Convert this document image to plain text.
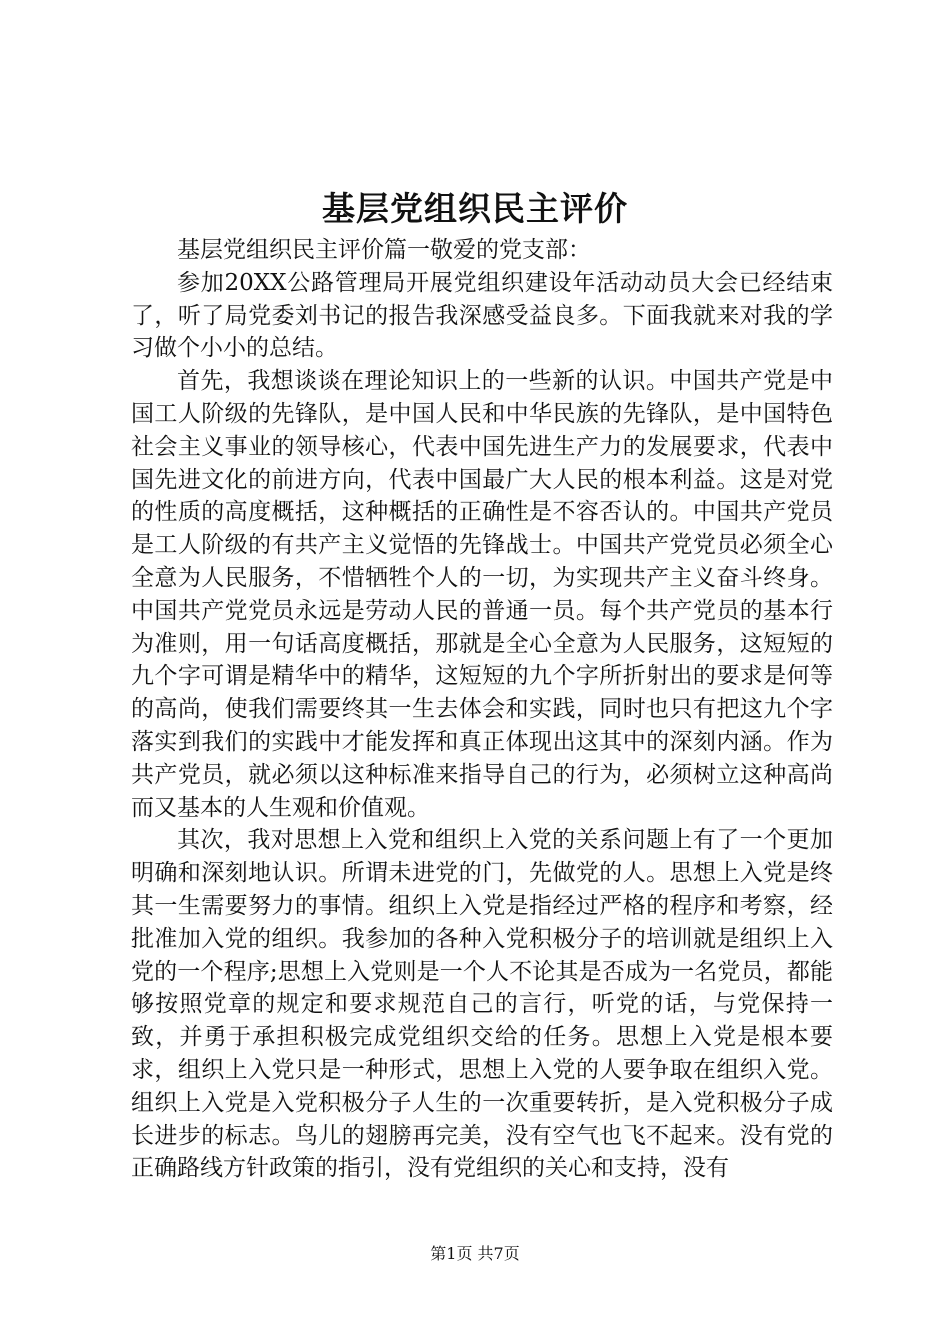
基层党组织民主评价

基层党组织民主评价篇一敬爱的党支部：

参加20XX公路管理局开展党组织建设年活动动员大会已经结束了，听了局党委刘书记的报告我深感受益良多。下面我就来对我的学习做个小小的总结。

首先，我想谈谈在理论知识上的一些新的认识。中国共产党是中国工人阶级的先锋队，是中国人民和中华民族的先锋队，是中国特色社会主义事业的领导核心，代表中国先进生产力的发展要求，代表中国先进文化的前进方向，代表中国最广大人民的根本利益。这是对党的性质的高度概括，这种概括的正确性是不容否认的。中国共产党员是工人阶级的有共产主义觉悟的先锋战士。中国共产党党员必须全心全意为人民服务，不惜牺牲个人的一切，为实现共产主义奋斗终身。中国共产党党员永远是劳动人民的普通一员。每个共产党员的基本行为准则，用一句话高度概括，那就是全心全意为人民服务，这短短的九个字可谓是精华中的精华，这短短的九个字所折射出的要求是何等的高尚，使我们需要终其一生去体会和实践，同时也只有把这九个字落实到我们的实践中才能发挥和真正体现出这其中的深刻内涵。作为共产党员，就必须以这种标准来指导自己的行为，必须树立这种高尚而又基本的人生观和价值观。

其次，我对思想上入党和组织上入党的关系问题上有了一个更加明确和深刻地认识。所谓未进党的门，先做党的人。思想上入党是终其一生需要努力的事情。组织上入党是指经过严格的程序和考察，经批准加入党的组织。我参加的各种入党积极分子的培训就是组织上入党的一个程序;思想上入党则是一个人不论其是否成为一名党员，都能够按照党章的规定和要求规范自己的言行，听党的话，与党保持一致，并勇于承担积极完成党组织交给的任务。思想上入党是根本要求，组织上入党只是一种形式，思想上入党的人要争取在组织入党。组织上入党是入党积极分子人生的一次重要转折，是入党积极分子成长进步的标志。鸟儿的翅膀再完美，没有空气也飞不起来。没有党的正确路线方针政策的指引，没有党组织的关心和支持，没有

第1页 共7页
